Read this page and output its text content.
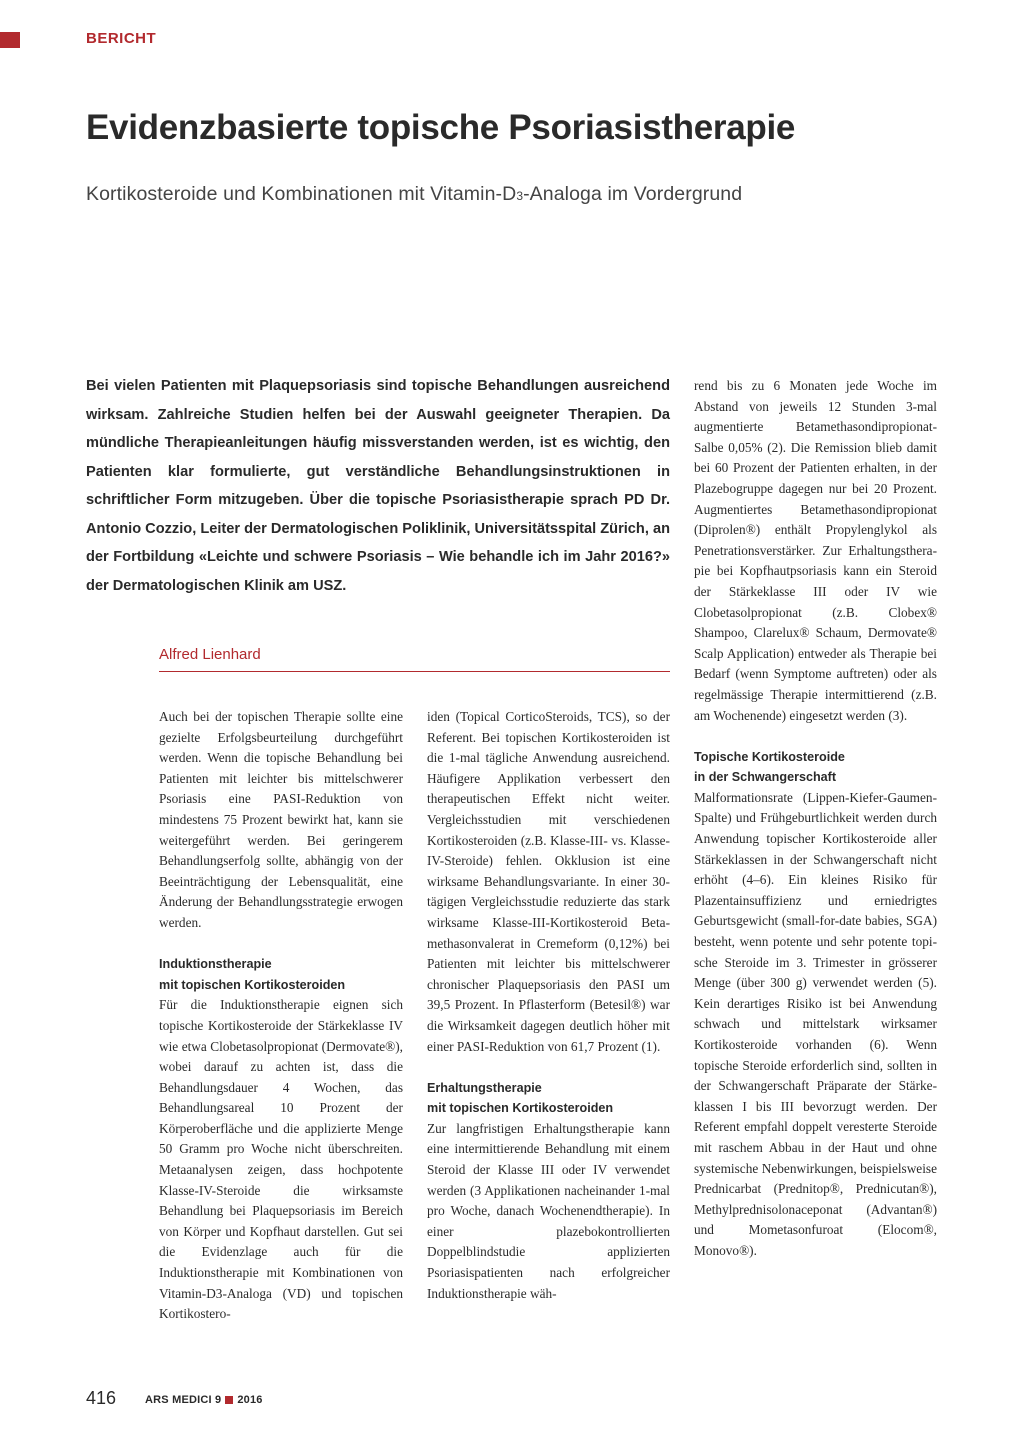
BERICHT
Evidenzbasierte topische Psoriasistherapie
Kortikosteroide und Kombinationen mit Vitamin-D3-Analoga im Vordergrund

Bei vielen Patienten mit Plaquepsoriasis sind topische Behandlungen ausreichend wirksam. Zahlreiche Studien helfen bei der Auswahl geeigneter Therapien. Da mündliche Therapieanleitungen häufig missverstanden werden, ist es wichtig, den Patienten klar formulierte, gut verständliche Behandlungsinstruktionen in schriftlicher Form mitzugeben. Über die topische Psoriasistherapie sprach PD Dr. Antonio Cozzio, Leiter der Dermatologischen Poliklinik, Universitätsspital Zürich, an der Fortbildung «Leichte und schwere Psoriasis – Wie behandle ich im Jahr 2016?» der Dermatologischen Klinik am USZ.

Alfred Lienhard

Auch bei der topischen Therapie sollte eine gezielte Erfolgsbeurteilung durchgeführt werden. Wenn die topische Behandlung bei Patienten mit leichter bis mittelschwerer Psoriasis eine PASI-Reduktion von mindestens 75 Prozent bewirkt hat, kann sie weitergeführt werden. Bei geringerem Behandlungserfolg sollte, abhängig von der Beeinträchtigung der Lebensqualität, eine Änderung der Behandlungsstrategie erwogen werden.

Induktionstherapie
mit topischen Kortikosteroiden

Für die Induktionstherapie eignen sich topische Kortikosteroide der Stärkeklasse IV wie etwa Clobetasolpropionat (Dermovate®), wobei darauf zu achten ist, dass die Behandlungsdauer 4 Wochen, das Behandlungsareal 10 Prozent der Körperoberfläche und die applizierte Menge 50 Gramm pro Woche nicht überschreiten. Metaanalysen zeigen, dass hochpotente Klasse-IV-Steroide die wirksamste Behandlung bei Plaquepsoriasis im Bereich von Körper und Kopfhaut darstellen. Gut sei die Evidenzlage auch für die Induktionstherapie mit Kombinationen von Vitamin-D3-Analoga (VD) und topischen Kortikostero-

iden (Topical CorticoSteroids, TCS), so der Referent. Bei topischen Kortikosteroiden ist die 1-mal tägliche Anwendung ausreichend. Häufigere Applikation verbessert den therapeutischen Effekt nicht weiter. Vergleichsstudien mit verschiedenen Kortikosteroiden (z.B. Klasse-III- vs. Klasse-IV-Steroide) fehlen. Okklusion ist eine wirksame Behandlungsvariante. In einer 30-tägigen Vergleichsstudie reduzierte das stark wirksame Klasse-III-Kortikosteroid Betamethasonvalerat in Cremeform (0,12%) bei Patienten mit leichter bis mittelschwerer chronischer Plaquepsoriasis den PASI um 39,5 Prozent. In Pflasterform (Betesil®) war die Wirksamkeit dagegen deutlich höher mit einer PASI-Reduktion von 61,7 Prozent (1).

Erhaltungstherapie
mit topischen Kortikosteroiden

Zur langfristigen Erhaltungstherapie kann eine intermittierende Behandlung mit einem Steroid der Klasse III oder IV verwendet werden (3 Applikationen nacheinander 1-mal pro Woche, danach Wochenendtherapie). In einer plazebokontrollierten Doppelblindstudie applizierten Psoriasispatienten nach erfolgreicher Induktionstherapie wäh-

rend bis zu 6 Monaten jede Woche im Abstand von jeweils 12 Stunden 3-mal augmentierte Betamethasondipropionat-Salbe 0,05% (2). Die Remission blieb damit bei 60 Prozent der Patienten erhalten, in der Plazebogruppe dagegen nur bei 20 Prozent. Augmentiertes Betamethasondipropionat (Diprolen®) enthält Propylenglykol als Penetrationsverstärker. Zur Erhaltungstherapie bei Kopfhautpsoriasis kann ein Steroid der Stärkeklasse III oder IV wie Clobetasolpropionat (z.B. Clobex® Shampoo, Clarelux® Schaum, Dermovate® Scalp Application) entweder als Therapie bei Bedarf (wenn Symptome auftreten) oder als regelmässige Therapie intermittierend (z.B. am Wochenende) eingesetzt werden (3).

Topische Kortikosteroide
in der Schwangerschaft

Malformationsrate (Lippen-Kiefer-Gaumen-Spalte) und Frühgeburtlichkeit werden durch Anwendung topischer Kortikosteroide aller Stärkeklassen in der Schwangerschaft nicht erhöht (4–6). Ein kleines Risiko für Plazentainsuffizienz und erniedrigtes Geburtsgewicht (small-for-date babies, SGA) besteht, wenn potente und sehr potente topische Steroide im 3. Trimester in grösserer Menge (über 300 g) verwendet werden (5). Kein derartiges Risiko ist bei Anwendung schwach und mittelstark wirksamer Kortikosteroide vorhanden (6). Wenn topische Steroide erforderlich sind, sollten in der Schwangerschaft Präparate der Stärkeklassen I bis III bevorzugt werden. Der Referent empfahl doppelt veresterte Steroide mit raschem Abbau in der Haut und ohne systemische Nebenwirkungen, beispielsweise Prednicarbat (Prednitop®, Prednicutan®), Methylprednisolonaceponat (Advantan®) und Mometasonfuroat (Elocom®, Monovo®).

416	ARS MEDICI 9 2016
